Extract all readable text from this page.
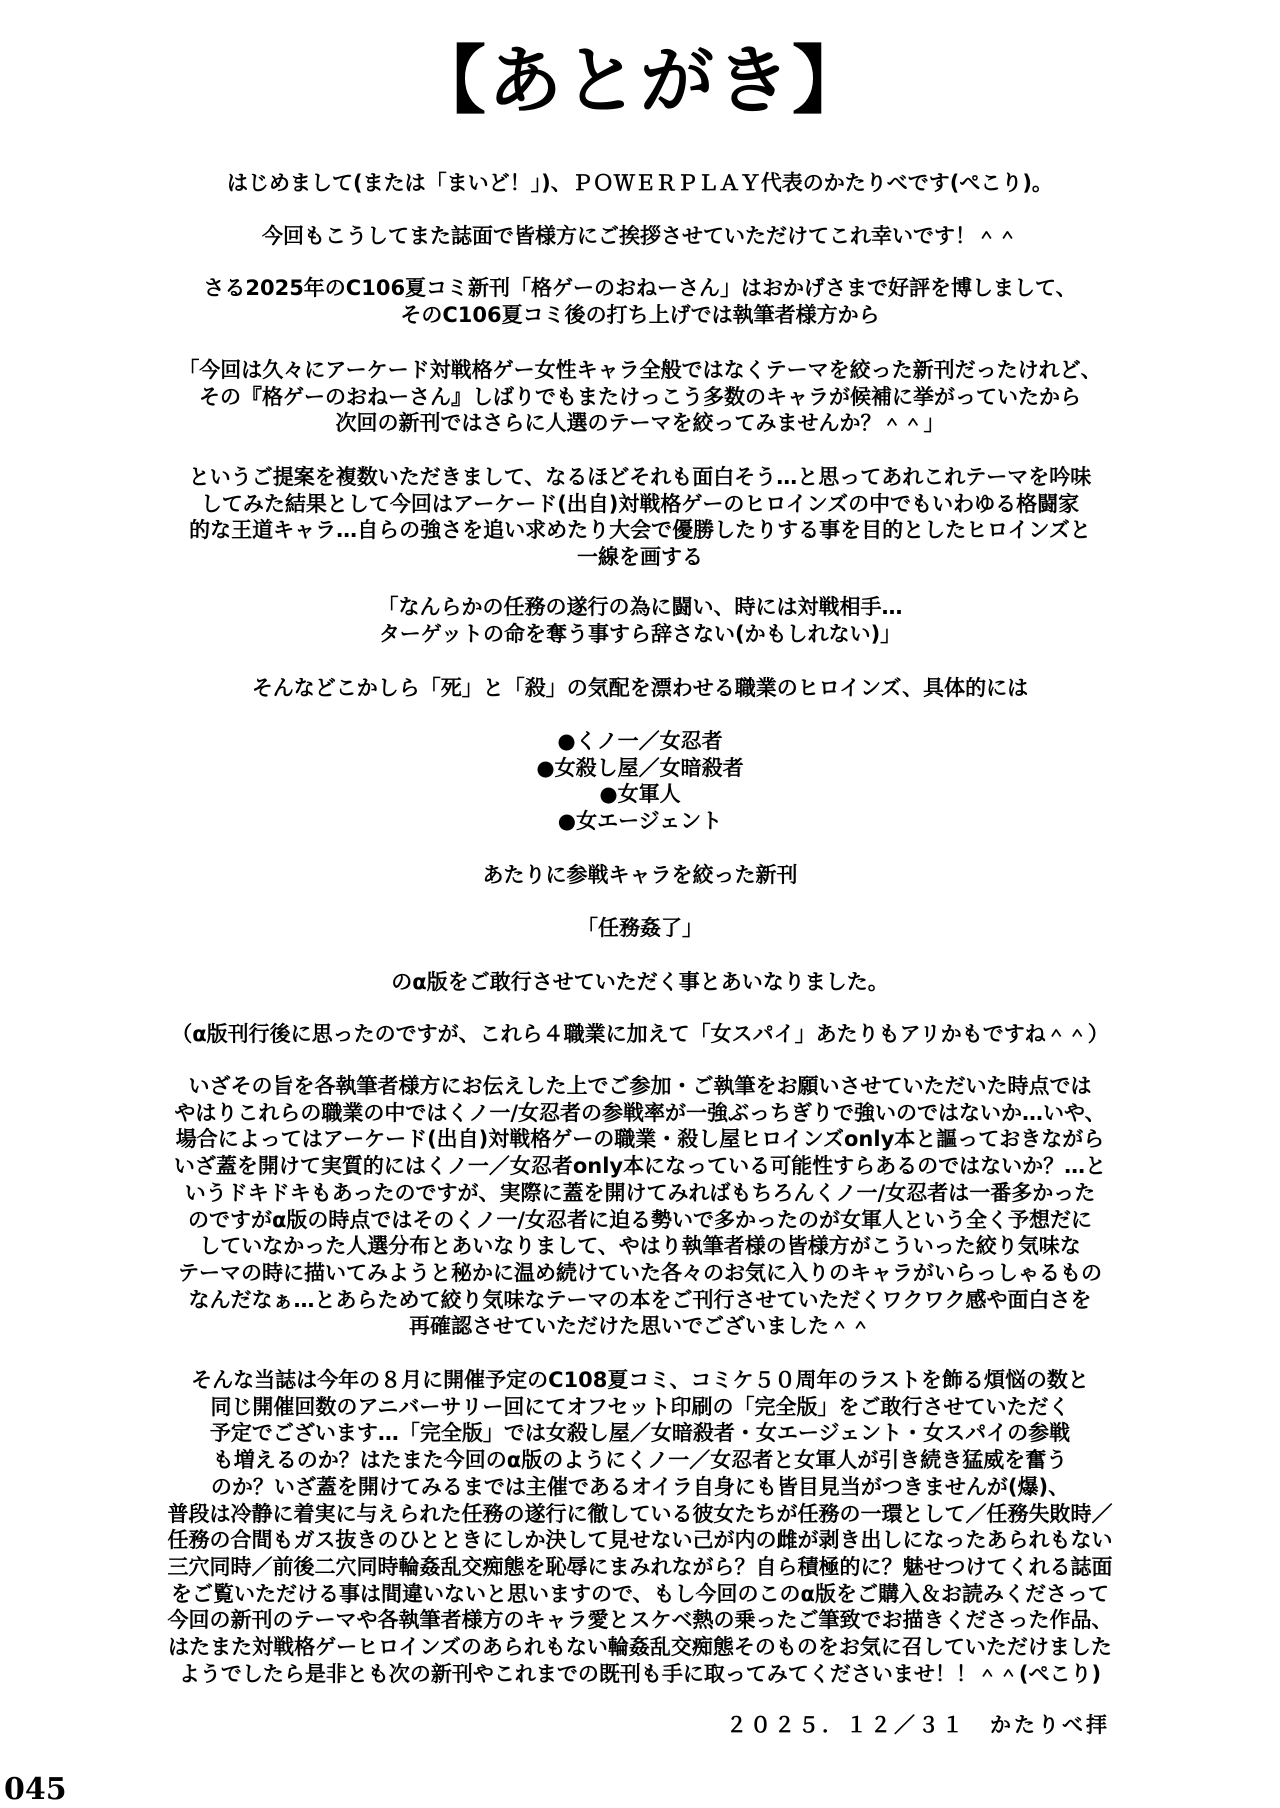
【あとがき】
はじめまして(または「まいど！」)、ＰＯＷＥＲＰＬＡＹ代表のかたりべです(ぺこり)。
今回もこうしてまた誌面で皆様方にご挨拶させていただけてこれ幸いです！＾＾
さる2025年のC106夏コミ新刊「格ゲーのおねーさん」はおかげさまで好評を博しまして、
そのC106夏コミ後の打ち上げでは執筆者様方から
「今回は久々にアーケード対戦格ゲー女性キャラ全般ではなくテーマを絞った新刊だったけれど、
その『格ゲーのおねーさん』しばりでもまたけっこう多数のキャラが候補に挙がっていたから
次回の新刊ではさらに人選のテーマを絞ってみませんか？＾＾」
というご提案を複数いただきまして、なるほどそれも面白そう…と思ってあれこれテーマを吟味
してみた結果として今回はアーケード(出自)対戦格ゲーのヒロインズの中でもいわゆる格闘家
的な王道キャラ…自らの強さを追い求めたり大会で優勝したりする事を目的としたヒロインズと
一線を画する
「なんらかの任務の遂行の為に闘い、時には対戦相手…
ターゲットの命を奪う事すら辞さない(かもしれない)」
そんなどこかしら「死」と「殺」の気配を漂わせる職業のヒロインズ、具体的には
●くノ一／女忍者
●女殺し屋／女暗殺者
●女軍人
●女エージェント
あたりに参戦キャラを絞った新刊
「任務姦了」
のα版をご敢行させていただく事とあいなりました。
（α版刊行後に思ったのですが、これら４職業に加えて「女スパイ」あたりもアリかもですね＾＾）
いざその旨を各執筆者様方にお伝えした上でご参加・ご執筆をお願いさせていただいた時点では
やはりこれらの職業の中ではくノ一/女忍者の参戦率が一強ぶっちぎりで強いのではないか…いや、
場合によってはアーケード(出自)対戦格ゲーの職業・殺し屋ヒロインズonly本と謳っておきながら
いざ蓋を開けて実質的にはくノ一／女忍者only本になっている可能性すらあるのではないか？…と
いうドキドキもあったのですが、実際に蓋を開けてみればもちろんくノ一/女忍者は一番多かった
のですがα版の時点ではそのくノ一/女忍者に迫る勢いで多かったのが女軍人という全く予想だに
していなかった人選分布とあいなりまして、やはり執筆者様の皆様方がこういった絞り気味な
テーマの時に描いてみようと秘かに温め続けていた各々のお気に入りのキャラがいらっしゃるもの
なんだなぁ…とあらためて絞り気味なテーマの本をご刊行させていただくワクワク感や面白さを
再確認させていただけた思いでございました＾＾
そんな当誌は今年の８月に開催予定のC108夏コミ、コミケ５０周年のラストを飾る煩悩の数と
同じ開催回数のアニバーサリー回にてオフセット印刷の「完全版」をご敢行させていただく
予定でございます…「完全版」では女殺し屋／女暗殺者・女エージェント・女スパイの参戦
も増えるのか？はたまた今回のα版のようにくノ一／女忍者と女軍人が引き続き猛威を奮う
のか？いざ蓋を開けてみるまでは主催であるオイラ自身にも皆目見当がつきませんが(爆)、
普段は冷静に着実に与えられた任務の遂行に徹している彼女たちが任務の一環として／任務失敗時／
任務の合間もガス抜きのひとときにしか決して見せない己が内の雌が剥き出しになったあられもない
三穴同時／前後二穴同時輪姦乱交痴態を恥辱にまみれながら？自ら積極的に？魅せつけてくれる誌面
をご覧いただける事は間違いないと思いますので、もし今回のこのα版をご購入＆お読みくださって
今回の新刊のテーマや各執筆者様方のキャラ愛とスケベ熱の乗ったご筆致でお描きくださった作品、
はたまた対戦格ゲーヒロインズのあられもない輪姦乱交痴態そのものをお気に召していただけました
ようでしたら是非とも次の新刊やこれまでの既刊も手に取ってみてくださいませ！！＾＾(ぺこり)
２０２５．１２／３１　かたりべ拝
045
